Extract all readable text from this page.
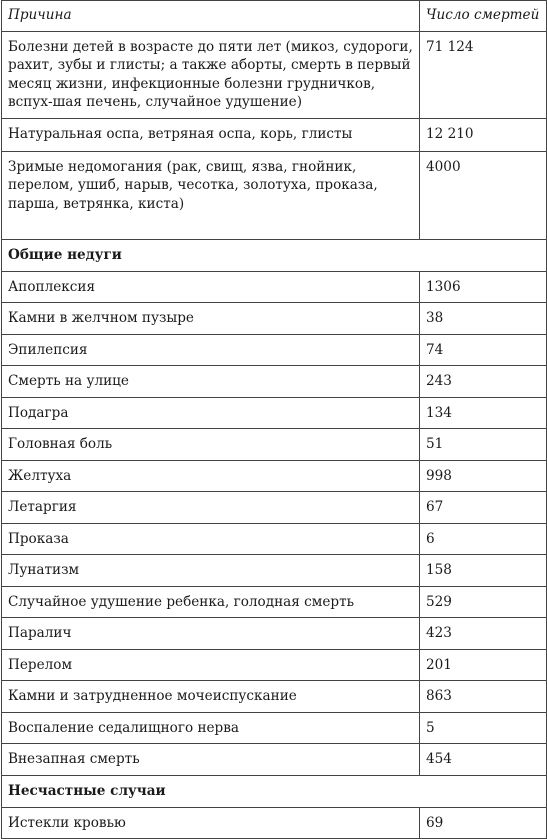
Причина	Число смертей
Болезни детей в возрасте до пяти лет (микоз, судороги, рахит, зубы и глисты; а также аборты, смерть в первый месяц жизни, инфекционные болезни грудничков, вспух-шая печень, случайное удушение)	71 124
Натуральная оспа, ветряная оспа, корь, глисты	12 210
Зримые недомогания (рак, свищ, язва, гнойник, перелом, ушиб, нарыв, чесотка, золотуха, проказа, парша, ветрянка, киста)	4000
Общие недуги	
Апоплексия	1306
Камни в желчном пузыре	38
Эпилепсия	74
Смерть на улице	243
Подагра	134
Головная боль	51
Желтуха	998
Летаргия	67
Проказа	6
Лунатизм	158
Случайное удушение ребенка, голодная смерть	529
Паралич	423
Перелом	201
Камни и затрудненное мочеиспускание	863
Воспаление седалищного нерва	5
Внезапная смерть	454
Несчастные случаи	
Истекли кровью	69
